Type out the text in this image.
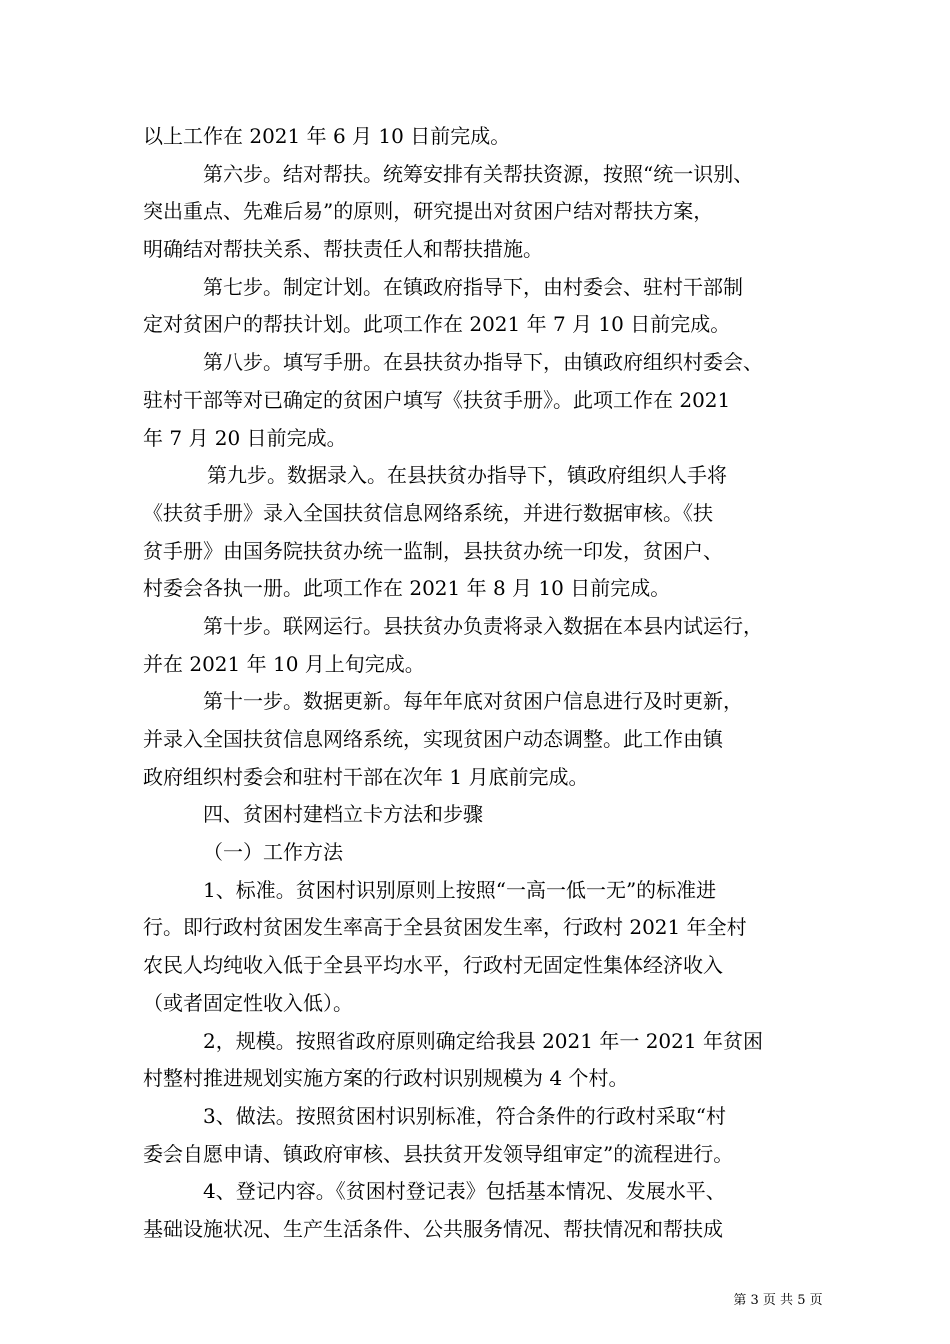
以上工作在 2021 年 6 月 10 日前完成。
第六步。结对帮扶。统筹安排有关帮扶资源，按照“统一识别、
突出重点、先难后易”的原则，研究提出对贫困户结对帮扶方案，
明确结对帮扶关系、帮扶责任人和帮扶措施。
第七步。制定计划。在镇政府指导下，由村委会、驻村干部制
定对贫困户的帮扶计划。此项工作在 2021 年 7 月 10 日前完成。
第八步。填写手册。在县扶贫办指导下，由镇政府组织村委会、
驻村干部等对已确定的贫困户填写《扶贫手册》。此项工作在 2021
年 7 月 20 日前完成。
第九步。数据录入。在县扶贫办指导下，镇政府组织人手将
《扶贫手册》录入全国扶贫信息网络系统，并进行数据审核。《扶
贫手册》由国务院扶贫办统一监制，县扶贫办统一印发，贫困户、
村委会各执一册。此项工作在 2021 年 8 月 10 日前完成。
第十步。联网运行。县扶贫办负责将录入数据在本县内试运行，
并在 2021 年 10 月上旬完成。
第十一步。数据更新。每年年底对贫困户信息进行及时更新，
并录入全国扶贫信息网络系统，实现贫困户动态调整。此工作由镇
政府组织村委会和驻村干部在次年 1 月底前完成。
四、贫困村建档立卡方法和步骤
（一）工作方法
1、标准。贫困村识别原则上按照“一高一低一无”的标准进
行。即行政村贫困发生率高于全县贫困发生率，行政村 2021 年全村
农民人均纯收入低于全县平均水平，行政村无固定性集体经济收入
（或者固定性收入低）。
2，规模。按照省政府原则确定给我县 2021 年一 2021 年贫困
村整村推进规划实施方案的行政村识别规模为 4 个村。
3、做法。按照贫困村识别标准，符合条件的行政村采取“村
委会自愿申请、镇政府审核、县扶贫开发领导组审定”的流程进行。
4、登记内容。《贫困村登记表》包括基本情况、发展水平、
基础设施状况、生产生活条件、公共服务情况、帮扶情况和帮扶成
第 3 页 共 5 页
